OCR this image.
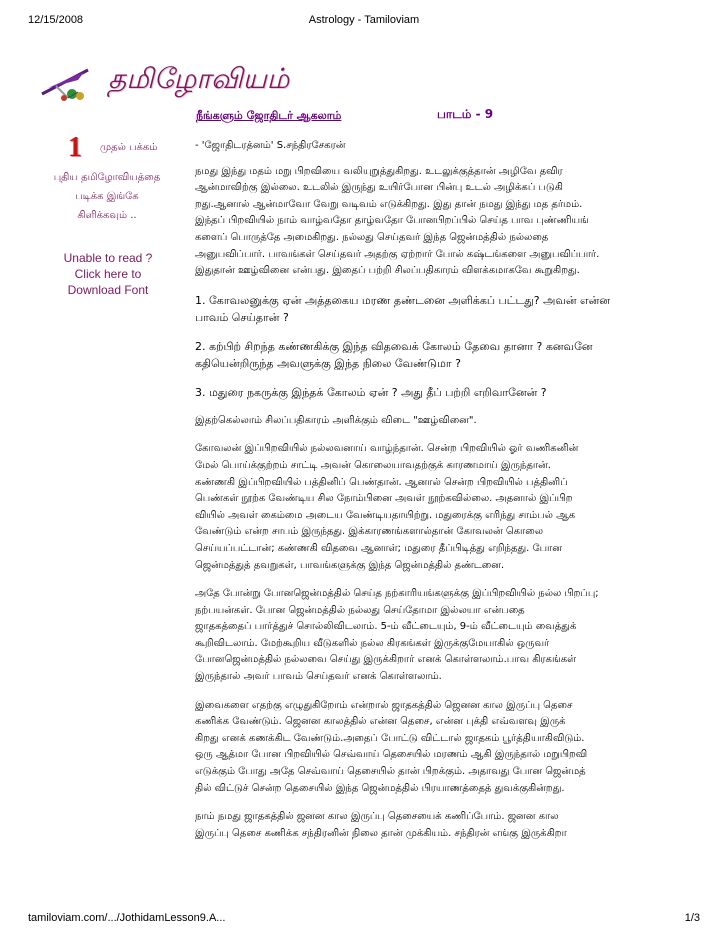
12/15/2008	Astrology - Tamiloviam
தமிழோவியம்
நீங்களும் ஜோதிடர் ஆகலாம்	பாடம் - 9
1 முதல் பக்கம்
புதிய தமிழோவியத்தை
படிக்க இங்கே
கிளிக்கவும் ..
Unable to read ?
Click here to
Download Font

- 'ஜோதிடரத்னம்' S.சந்திரசேகரன்

நமது இந்து மதம் மறு பிறவியை வலியுறுத்துகிறது. உடலுக்குத்தான் அழிவே தவிர
ஆன்மாவிற்கு இல்லை. உடலில் இருந்து உயிர்போன பின்பு உடல் அழிக்கப் படுகி
றது.ஆனால் ஆன்மாவோ வேறு வடிவம் எடுக்கிறது. இது தான் நமது இந்து மத தர்மம்.
இந்தப் பிறவியில் நாம் வாழ்வதோ தாழ்வதோ போனபிறப்பில் செய்த பாவ புண்ணியங்
களைப் பொருத்தே அமைகிறது. நல்லது செய்தவர் இந்த ஜென்மத்தில் நல்லதை
அனுபவிப்பார். பாவங்கள் செய்தவர் அதற்கு ஏற்றார் போல் கஷ்டங்களை அனுபவிப்பார்.
இதுதான் ஊழ்வினை என்பது. இதைப் பற்றி சிலப்பதிகாரம் விளக்கமாகவே கூறுகிறது.

1. கோவலனுக்கு ஏன் அத்தகைய மரண தண்டனை அளிக்கப் பட்டது? அவன் என்ன
பாவம் செய்தான் ?

2. கற்பிற் சிறந்த கண்ணகிக்கு இந்த விதவைக் கோலம் தேவை தானா ? கனவனே
கதியென்றிருந்த அவளுக்கு இந்த நிலை வேண்டுமா ?

3. மதுரை நகருக்கு இந்தக் கோலம் ஏன் ? அது தீப் பற்றி எறிவானேன் ?

இதற்கெல்லாம் சிலப்பதிகாரம் அளிக்கும் விடை "ஊழ்வினை".

கோவலன் இப்பிறவியில் நல்லவனாய் வாழ்ந்தான். சென்ற பிறவியில் ஓர் வணிகனின்
மேல் பொய்க்குற்றம் சாட்டி அவன் கொலையாவதற்குக் காரணமாய் இருந்தான்.
கண்ணகி இப்பிறவியில் பத்தினிப் பெண்தான். ஆனால் சென்ற பிறவியில் பத்தினிப்
பெண்கள் நூற்க வேண்டிய சில நோம்பினை அவள் நூற்கவில்லை. அதனால் இப்பிற
வியில் அவள் கைம்மை அடைய வேண்டியதாயிற்று. மதுரைக்கு எரிந்து சாம்பல் ஆக
வேண்டும் என்ற சாபம் இருந்தது. இக்காரணங்களால்தான் கோவலன் கொலை
செய்யப்பட்டான்; கண்ணகி விதவை ஆனாள்; மதுரை தீப்பிடித்து எறிந்தது. போன
ஜென்மத்துத் தவறுகள், பாவங்களுக்கு இந்த ஜென்மத்தில் தண்டனை.

அதே போன்று போனஜென்மத்தில் செய்த நற்காரியங்களுக்கு இப்பிறவியில் நல்ல பிறப்பு;
நற்பயன்கள். போன ஜென்மத்தில் நல்லது செய்தோமா இல்லயா என்பதை
ஜாதகத்தைப் பார்த்துச் சொல்லிவிடலாம். 5-ம் வீட்டையும், 9-ம் வீட்டையும் வைத்துக்
கூறிவிடலாம். மேற்கூறிய வீடுகளில் நல்ல கிரகங்கள் இருக்குமேயாகில் ஒருவர்
போனஜென்மத்தில் நல்லவை செய்து இருக்கிறார் எனக் கொள்ளலாம்.பாவ கிரகங்கள்
இருந்தால் அவர் பாவம் செய்தவர் எனக் கொள்ளலாம்.

இவைகளை எதற்கு எழுதுகிறோம் என்றால் ஜாதகத்தில் ஜெனன கால இருப்பு தெசை
கணிக்க வேண்டும். ஜெனன காலத்தில் என்ன தெசை, என்ன புக்தி எவ்வளவு இருக்
கிறது எனக் கணக்கிட வேண்டும்.அதைப் போட்டு விட்டால் ஜாதகம் பூர்த்தியாகிவிடும்.
ஒரு ஆத்மா போன பிறவியில் செவ்வாய் தெசையில் மரணம் ஆகி இருந்தால் மறுபிறவி
எடுக்கும் போது அதே செவ்வாய் தெசையில் தான் பிறக்கும். அதாவது போன ஜென்மத்
தில் விட்டுச் சென்ற தெசையில் இந்த ஜென்மத்தில் பிரயாணத்தைத் துவக்குகின்றது.

நாம் நமது ஜாதகத்தில் ஜனன கால இருப்பு தெசையைக் கணிப்போம். ஜனன கால
இருப்பு தெசை கணிக்க சந்திரனின் நிலை தான் முக்கியம். சந்திரன் எங்கு இருக்கிறா

tamiloviam.com/.../JothidamLesson9.A...	1/3
